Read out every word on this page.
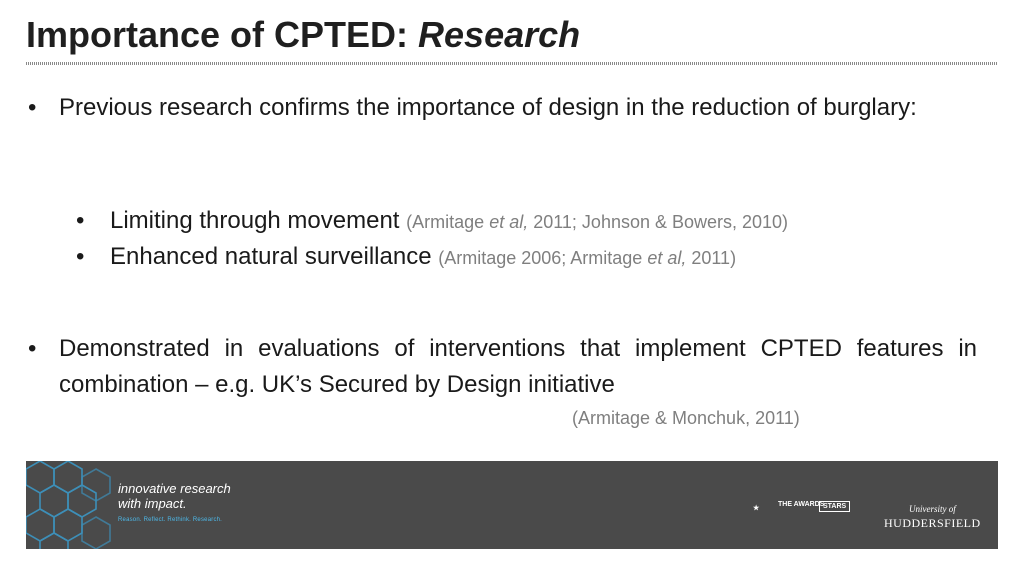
Importance of CPTED: Research
• Previous research confirms the importance of design in the reduction of burglary:
• Limiting through movement (Armitage et al, 2011; Johnson & Bowers, 2010)
• Enhanced natural surveillance (Armitage 2006; Armitage et al, 2011)
• Demonstrated in evaluations of interventions that implement CPTED features in combination – e.g. UK’s Secured by Design initiative
(Armitage & Monchuk, 2011)
innovative research
with impact.
Reason. Reflect. Rethink. Research.
★
THE AWARDS
STARS	University of
HUDDERSFIELD
